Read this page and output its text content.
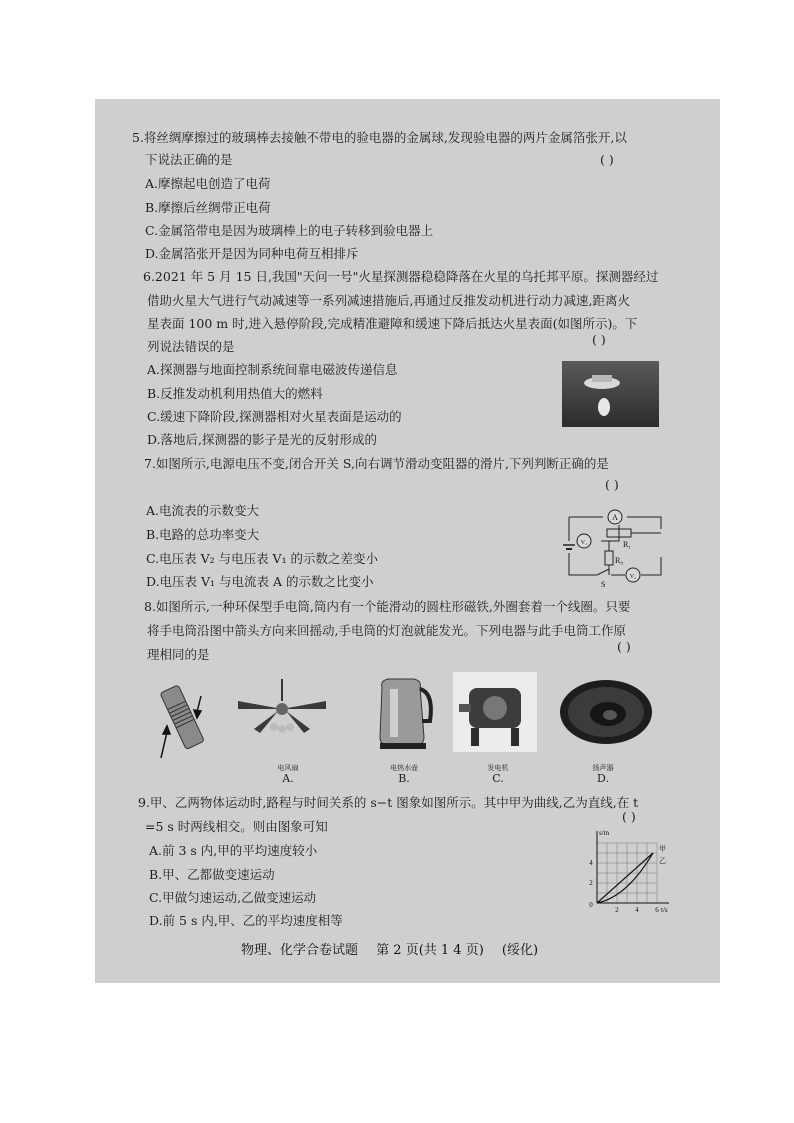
5.将丝绸摩擦过的玻璃棒去接触不带电的验电器的金属球,发现验电器的两片金属箔张开,以
下说法正确的是	( )
A.摩擦起电创造了电荷
B.摩擦后丝绸带正电荷
C.金属箔带电是因为玻璃棒上的电子转移到验电器上
D.金属箔张开是因为同种电荷互相排斥
6.2021 年 5 月 15 日,我国"天问一号"火星探测器稳稳降落在火星的乌托邦平原。探测器经过
借助火星大气进行气动减速等一系列减速措施后,再通过反推发动机进行动力减速,距离火
星表面 100 m 时,进入悬停阶段,完成精准避障和缓速下降后抵达火星表面(如图所示)。下
列说法错误的是	( )
A.探测器与地面控制系统间靠电磁波传递信息
B.反推发动机利用热值大的燃料
C.缓速下降阶段,探测器相对火星表面是运动的
D.落地后,探测器的影子是光的反射形成的
7.如图所示,电源电压不变,闭合开关 S,向右调节滑动变阻器的滑片,下列判断正确的是
( )
A.电流表的示数变大
B.电路的总功率变大
C.电压表 V₂ 与电压表 V₁ 的示数之差变小
D.电压表 V₁ 与电流表 A 的示数之比变小
A
V₁
V₂
R₁
R₀
S
8.如图所示,一种环保型手电筒,筒内有一个能滑动的圆柱形磁铁,外圈套着一个线圈。只要
将手电筒沿图中箭头方向来回摇动,手电筒的灯泡就能发光。下列电器与此手电筒工作原
理相同的是
( )
电风扇
A.
电热水壶
B.
发电机
C.
扬声器
D.
9.甲、乙两物体运动时,路程与时间关系的 s−t 图象如图所示。其中甲为曲线,乙为直线,在 t
=5 s 时两线相交。则由图象可知
( )
A.前 3 s 内,甲的平均速度较小
B.甲、乙都做变速运动
C.甲做匀速运动,乙做变速运动
D.前 5 s 内,甲、乙的平均速度相等
s/m
t/s
4
2
0
2 4 6
甲
乙
物理、化学合卷试题 第 2 页(共 1 4 页) (绥化)
